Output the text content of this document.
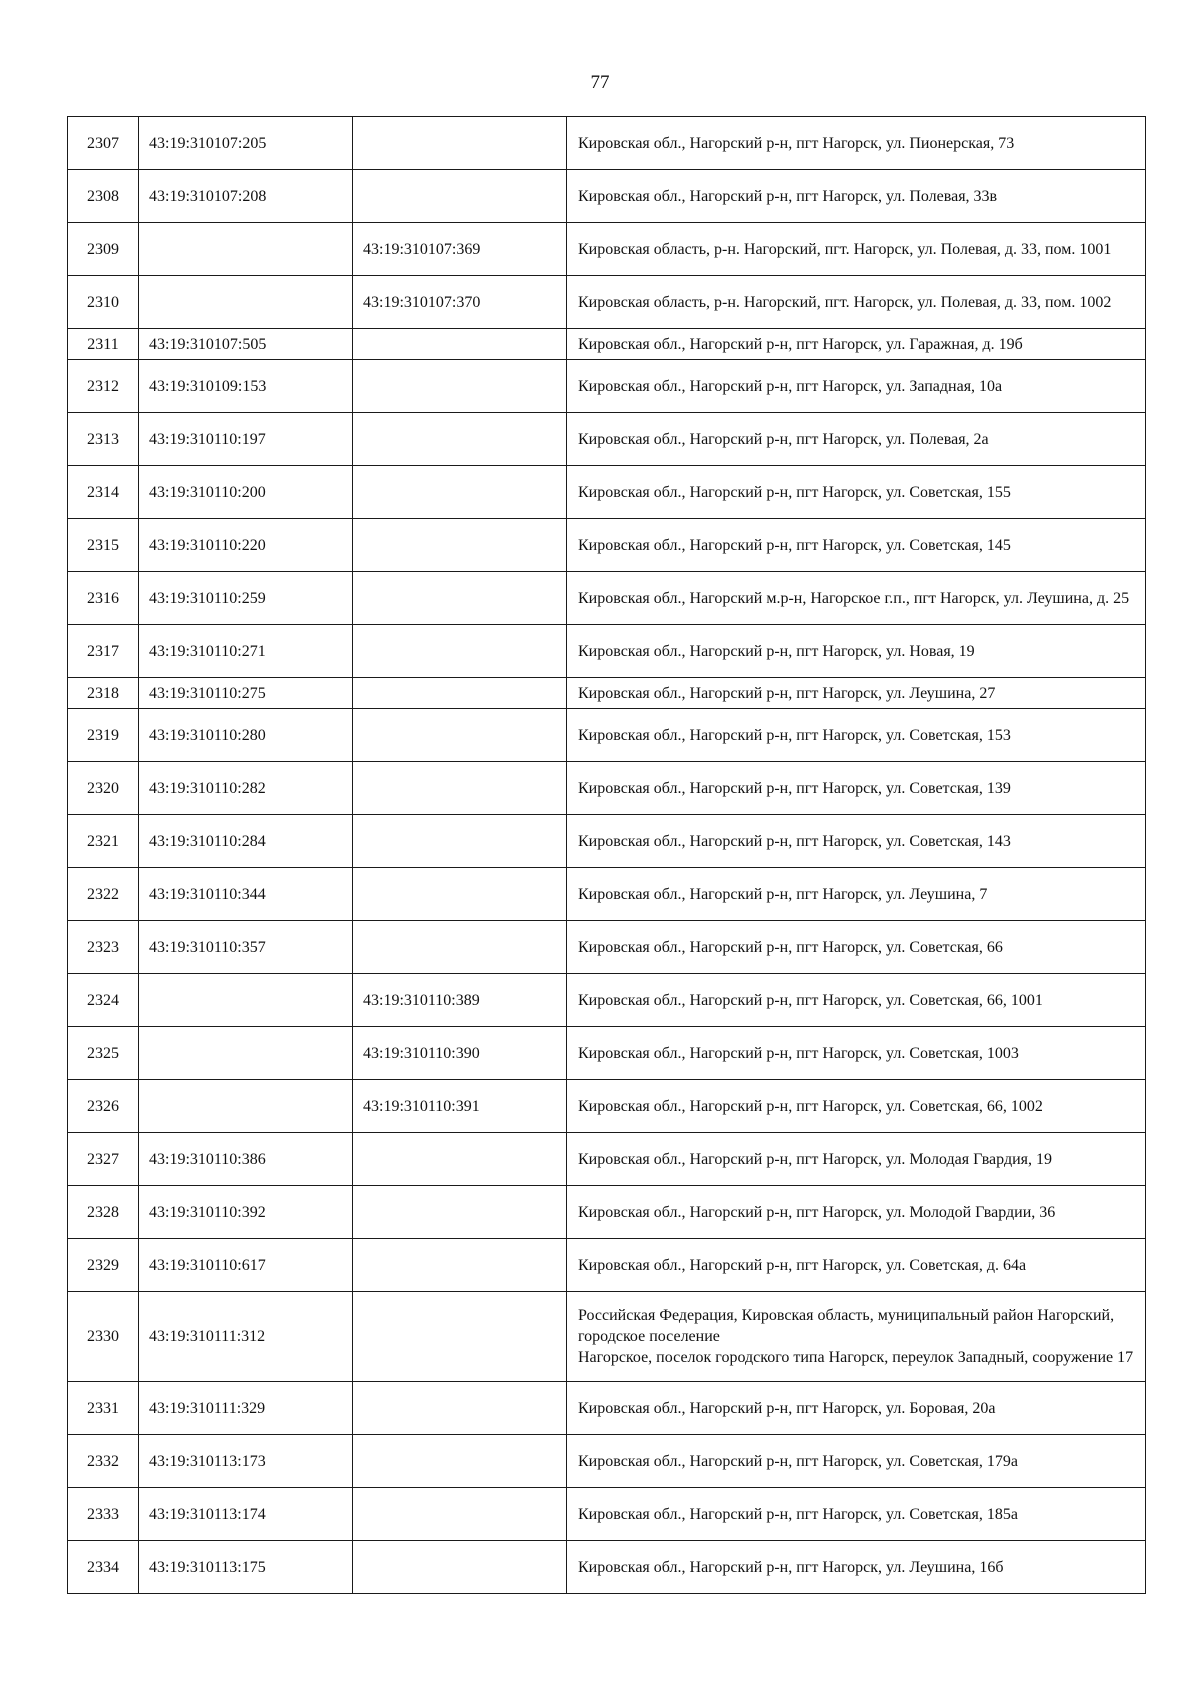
77
2307	43:19:310107:205		Кировская обл., Нагорский р-н, пгт Нагорск, ул. Пионерская, 73
2308	43:19:310107:208		Кировская обл., Нагорский р-н, пгт Нагорск, ул. Полевая, 33в
2309		43:19:310107:369	Кировская область, р-н. Нагорский, пгт. Нагорск, ул. Полевая, д. 33, пом. 1001
2310		43:19:310107:370	Кировская область, р-н. Нагорский, пгт. Нагорск, ул. Полевая, д. 33, пом. 1002
2311	43:19:310107:505		Кировская обл., Нагорский р-н, пгт Нагорск, ул. Гаражная, д. 19б
2312	43:19:310109:153		Кировская обл., Нагорский р-н, пгт Нагорск, ул. Западная, 10а
2313	43:19:310110:197		Кировская обл., Нагорский р-н, пгт Нагорск, ул. Полевая, 2а
2314	43:19:310110:200		Кировская обл., Нагорский р-н, пгт Нагорск, ул. Советская, 155
2315	43:19:310110:220		Кировская обл., Нагорский р-н, пгт Нагорск, ул. Советская, 145
2316	43:19:310110:259		Кировская обл., Нагорский м.р-н, Нагорское г.п., пгт Нагорск, ул. Леушина, д. 25
2317	43:19:310110:271		Кировская обл., Нагорский р-н, пгт Нагорск, ул. Новая, 19
2318	43:19:310110:275		Кировская обл., Нагорский р-н, пгт Нагорск, ул. Леушина, 27
2319	43:19:310110:280		Кировская обл., Нагорский р-н, пгт Нагорск, ул. Советская, 153
2320	43:19:310110:282		Кировская обл., Нагорский р-н, пгт Нагорск, ул. Советская, 139
2321	43:19:310110:284		Кировская обл., Нагорский р-н, пгт Нагорск, ул. Советская, 143
2322	43:19:310110:344		Кировская обл., Нагорский р-н, пгт Нагорск, ул. Леушина, 7
2323	43:19:310110:357		Кировская обл., Нагорский р-н, пгт Нагорск, ул. Советская, 66
2324		43:19:310110:389	Кировская обл., Нагорский р-н, пгт Нагорск, ул. Советская, 66, 1001
2325		43:19:310110:390	Кировская обл., Нагорский р-н, пгт Нагорск, ул. Советская, 1003
2326		43:19:310110:391	Кировская обл., Нагорский р-н, пгт Нагорск, ул. Советская, 66, 1002
2327	43:19:310110:386		Кировская обл., Нагорский р-н, пгт Нагорск, ул. Молодая Гвардия, 19
2328	43:19:310110:392		Кировская обл., Нагорский р-н, пгт Нагорск, ул. Молодой Гвардии, 36
2329	43:19:310110:617		Кировская обл., Нагорский р-н, пгт Нагорск, ул. Советская, д. 64а
2330	43:19:310111:312		Российская Федерация, Кировская область, муниципальный район Нагорский, городское поселение
Нагорское, поселок городского типа Нагорск, переулок Западный, сооружение 17
2331	43:19:310111:329		Кировская обл., Нагорский р-н, пгт Нагорск, ул. Боровая, 20а
2332	43:19:310113:173		Кировская обл., Нагорский р-н, пгт Нагорск, ул. Советская, 179а
2333	43:19:310113:174		Кировская обл., Нагорский р-н, пгт Нагорск, ул. Советская, 185а
2334	43:19:310113:175		Кировская обл., Нагорский р-н, пгт Нагорск, ул. Леушина, 16б
